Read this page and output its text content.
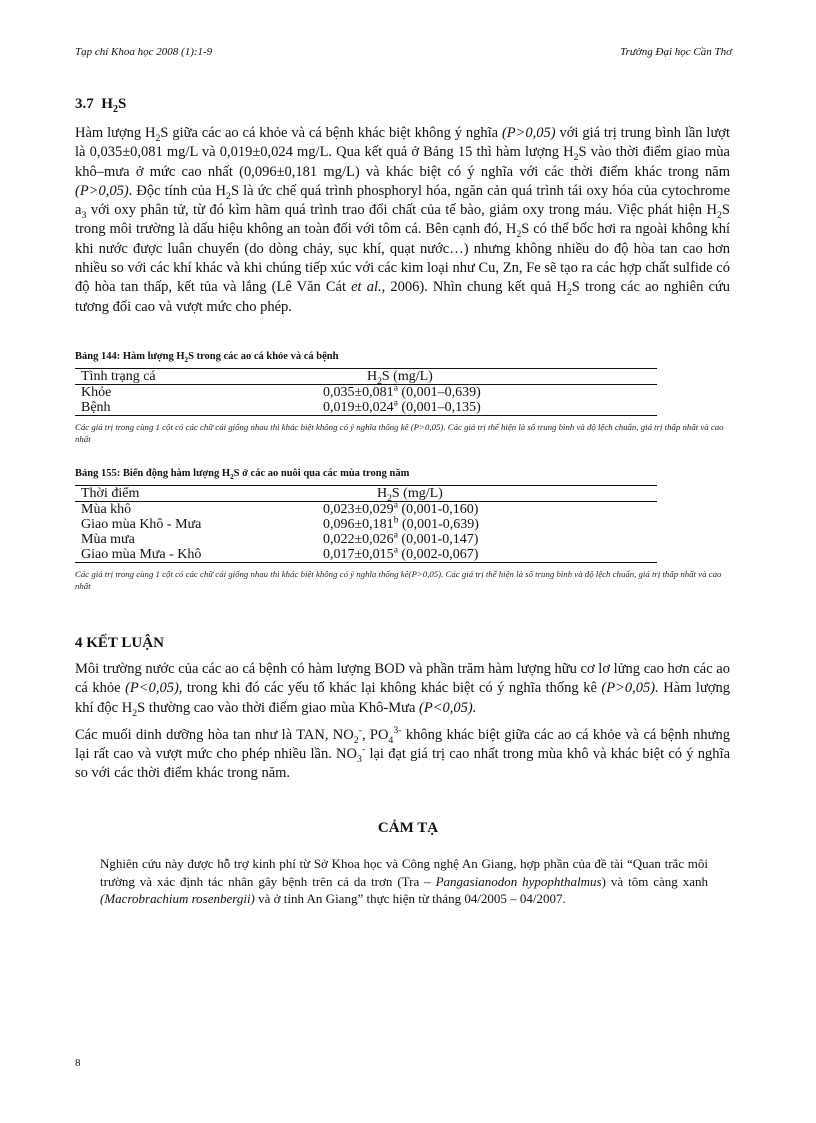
Tạp chí Khoa học 2008 (1):1-9	Trường Đại học Cần Thơ
3.7 $H_2S$

Hàm lượng $H_2S$ giữa các ao cá khỏe và cá bệnh khác biệt không ý nghĩa (P>0,05) với giá trị trung bình lần lượt là 0,035±0,081 mg/L và 0,019±0,024 mg/L. Qua kết quả ở Bảng 15 thì hàm lượng $H_2S$ vào thời điểm giao mùa khô–mưa ở mức cao nhất (0,096±0,181 mg/L) và khác biệt có ý nghĩa với các thời điểm khác trong năm (P>0,05). Độc tính của $H_2S$ là ức chế quá trình phosphoryl hóa, ngăn cản quá trình tái oxy hóa của cytochrome $a_3$ với oxy phân tử, từ đó kìm hãm quá trình trao đổi chất của tế bào, giảm oxy trong máu. Việc phát hiện $H_2S$ trong môi trường là dấu hiệu không an toàn đối với tôm cá. Bên cạnh đó, $H_2S$ có thể bốc hơi ra ngoài không khí khi nước được luân chuyển (do dòng chảy, sục khí, quạt nước…) nhưng không nhiều do độ hòa tan cao hơn nhiều so với các khí khác và khi chúng tiếp xúc với các kim loại như Cu, Zn, Fe sẽ tạo ra các hợp chất sulfide có độ hòa tan thấp, kết tủa và lắng (Lê Văn Cát et al., 2006). Nhìn chung kết quả $H_2S$ trong các ao nghiên cứu tương đối cao và vượt mức cho phép.

Bảng 144: Hàm lượng $H_2S$ trong các ao cá khỏe và cá bệnh

Tình trạng cá	$H_2S$ (mg/L)
Khỏe	0,035±0,081$^a$ (0,001–0,639)
Bệnh	0,019±0,024$^a$ (0,001–0,135)

Các giá trị trong cùng 1 cột có các chữ cái giống nhau thì khác biệt không có ý nghĩa thống kê (P>0,05). Các giá trị thể hiện là số trung bình và độ lệch chuẩn, giá trị thấp nhất và cao nhất

Bảng 155: Biến động hàm lượng $H_2S$ ở các ao nuôi qua các mùa trong năm

Thời điểm	$H_2S$ (mg/L)
Mùa khô	0,023±0,029$^a$ (0,001-0,160)
Giao mùa Khô - Mưa	0,096±0,181$^b$ (0,001-0,639)
Mùa mưa	0,022±0,026$^a$ (0,001-0,147)
Giao mùa Mưa - Khô	0,017±0,015$^a$ (0,002-0,067)

Các giá trị trong cùng 1 cột có các chữ cái giống nhau thì khác biệt không có ý nghĩa thống kê(P>0,05). Các giá trị thể hiện là số trung bình và độ lệch chuẩn, giá trị thấp nhất và cao nhất

4 KẾT LUẬN

Môi trường nước của các ao cá bệnh có hàm lượng BOD và phần trăm hàm lượng hữu cơ lơ lửng cao hơn các ao cá khỏe (P<0,05), trong khi đó các yếu tố khác lại không khác biệt có ý nghĩa thống kê (P>0,05). Hàm lượng khí độc $H_2S$ thường cao vào thời điểm giao mùa Khô-Mưa (P<0,05).

Các muối dinh dưỡng hòa tan như là TAN, $NO_2^-$, $PO_4^{3-}$ không khác biệt giữa các ao cá khỏe và cá bệnh nhưng lại rất cao và vượt mức cho phép nhiều lần. $NO_3^-$ lại đạt giá trị cao nhất trong mùa khô và khác biệt có ý nghĩa so với các thời điểm khác trong năm.

CẢM TẠ

Nghiên cứu này được hỗ trợ kinh phí từ Sở Khoa học và Công nghệ An Giang, hợp phần của đề tài “Quan trắc môi trường và xác định tác nhân gây bệnh trên cá da trơn (Tra – Pangasianodon hypophthalmus) và tôm càng xanh (Macrobrachium rosenbergii) và ở tỉnh An Giang” thực hiện từ tháng 04/2005 – 04/2007.

8
